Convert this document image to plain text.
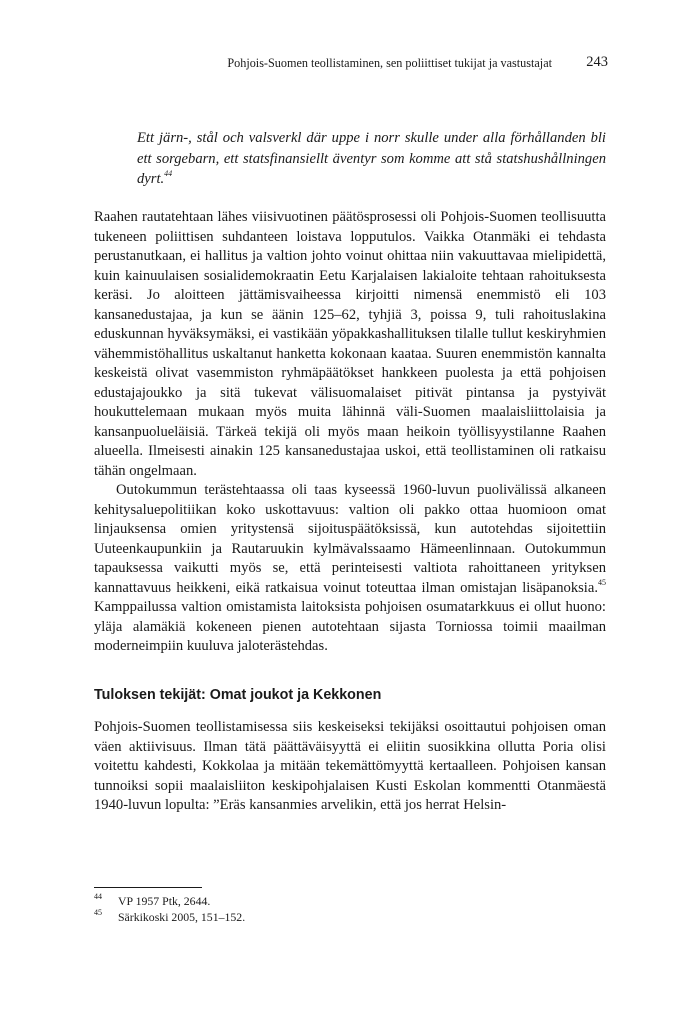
Pohjois-Suomen teollistaminen, sen poliittiset tukijat ja vastustajat 243

Ett järn-, stål och valsverkl där uppe i norr skulle under alla förhållanden bli ett sorgebarn, ett statsfinansiellt äventyr som komme att stå statshushållningen dyrt.$^{44}$

Raahen rautatehtaan lähes viisivuotinen päätösprosessi oli Pohjois-Suomen teollisuutta tukeneen poliittisen suhdanteen loistava lopputulos. Vaikka Otanmäki ei tehdasta perustanutkaan, ei hallitus ja valtion johto voinut ohittaa niin vakuuttavaa mielipidettä, kuin kainuulaisen sosialidemokraatin Eetu Karjalaisen lakialoite tehtaan rahoituksesta keräsi. Jo aloitteen jättämisvaiheessa kirjoitti nimensä enemmistö eli 103 kansanedustajaa, ja kun se äänin 125–62, tyhjiä 3, poissa 9, tuli rahoituslakina eduskunnan hyväksymäksi, ei vastikään yöpakkashallituksen tilalle tullut keskiryhmien vähemmistöhallitus uskaltanut hanketta kokonaan kaataa. Suuren enemmistön kannalta keskeistä olivat vasemmiston ryhmäpäätökset hankkeen puolesta ja että pohjoisen edustajajoukko ja sitä tukevat välisuomalaiset pitivät pintansa ja pystyivät houkuttelemaan mukaan myös muita lähinnä väli-Suomen maalaisliittolaisia ja kansanpuolueläisiä. Tärkeä tekijä oli myös maan heikoin työllisyystilanne Raahen alueella. Ilmeisesti ainakin 125 kansanedustajaa uskoi, että teollistaminen oli ratkaisu tähän ongelmaan.

Outokummun terästehtaassa oli taas kyseessä 1960-luvun puolivälissä alkaneen kehitysaluepolitiikan koko uskottavuus: valtion oli pakko ottaa huomioon omat linjauksensa omien yritystensä sijoituspäätöksissä, kun autotehdas sijoitettiin Uuteenkaupunkiin ja Rautaruukin kylmävalssaamo Hämeenlinnaan. Outokummun tapauksessa vaikutti myös se, että perinteisesti valtiota rahoittaneen yrityksen kannattavuus heikkeni, eikä ratkaisua voinut toteuttaa ilman omistajan lisäpanoksia.$^{45}$ Kamppailussa valtion omistamista laitoksista pohjoisen osumatarkkuus ei ollut huono: yläja alamäkiä kokeneen pienen autotehtaan sijasta Torniossa toimii maailman moderneimpiin kuuluva jaloterästehdas.

Tuloksen tekijät: Omat joukot ja Kekkonen

Pohjois-Suomen teollistamisessa siis keskeiseksi tekijäksi osoittautui pohjoisen oman väen aktiivisuus. Ilman tätä päättäväisyyttä ei eliitin suosikkina ollutta Poria olisi voitettu kahdesti, Kokkolaa ja mitään tekemättömyyttä kertaalleen. Pohjoisen kansan tunnoiksi sopii maalaisliiton keskipohjalaisen Kusti Eskolan kommentti Otanmäestä 1940-luvun lopulta: ”Eräs kansanmies arvelikin, että jos herrat Helsin-

44 VP 1957 Ptk, 2644.
45 Särkikoski 2005, 151–152.
